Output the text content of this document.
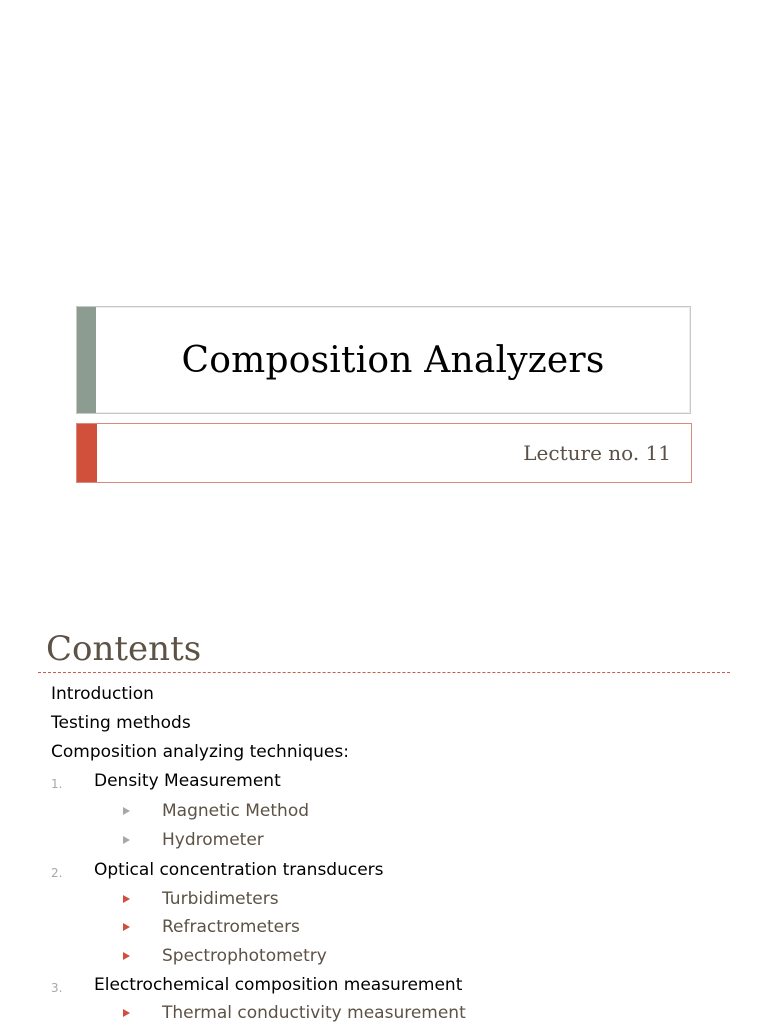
Composition Analyzers
Lecture no. 11
Contents
Introduction
Testing methods
Composition analyzing techniques:
1. Density Measurement
Magnetic Method
Hydrometer
2. Optical concentration transducers
Turbidimeters
Refractrometers
Spectrophotometry
3. Electrochemical composition measurement
Thermal conductivity measurement
